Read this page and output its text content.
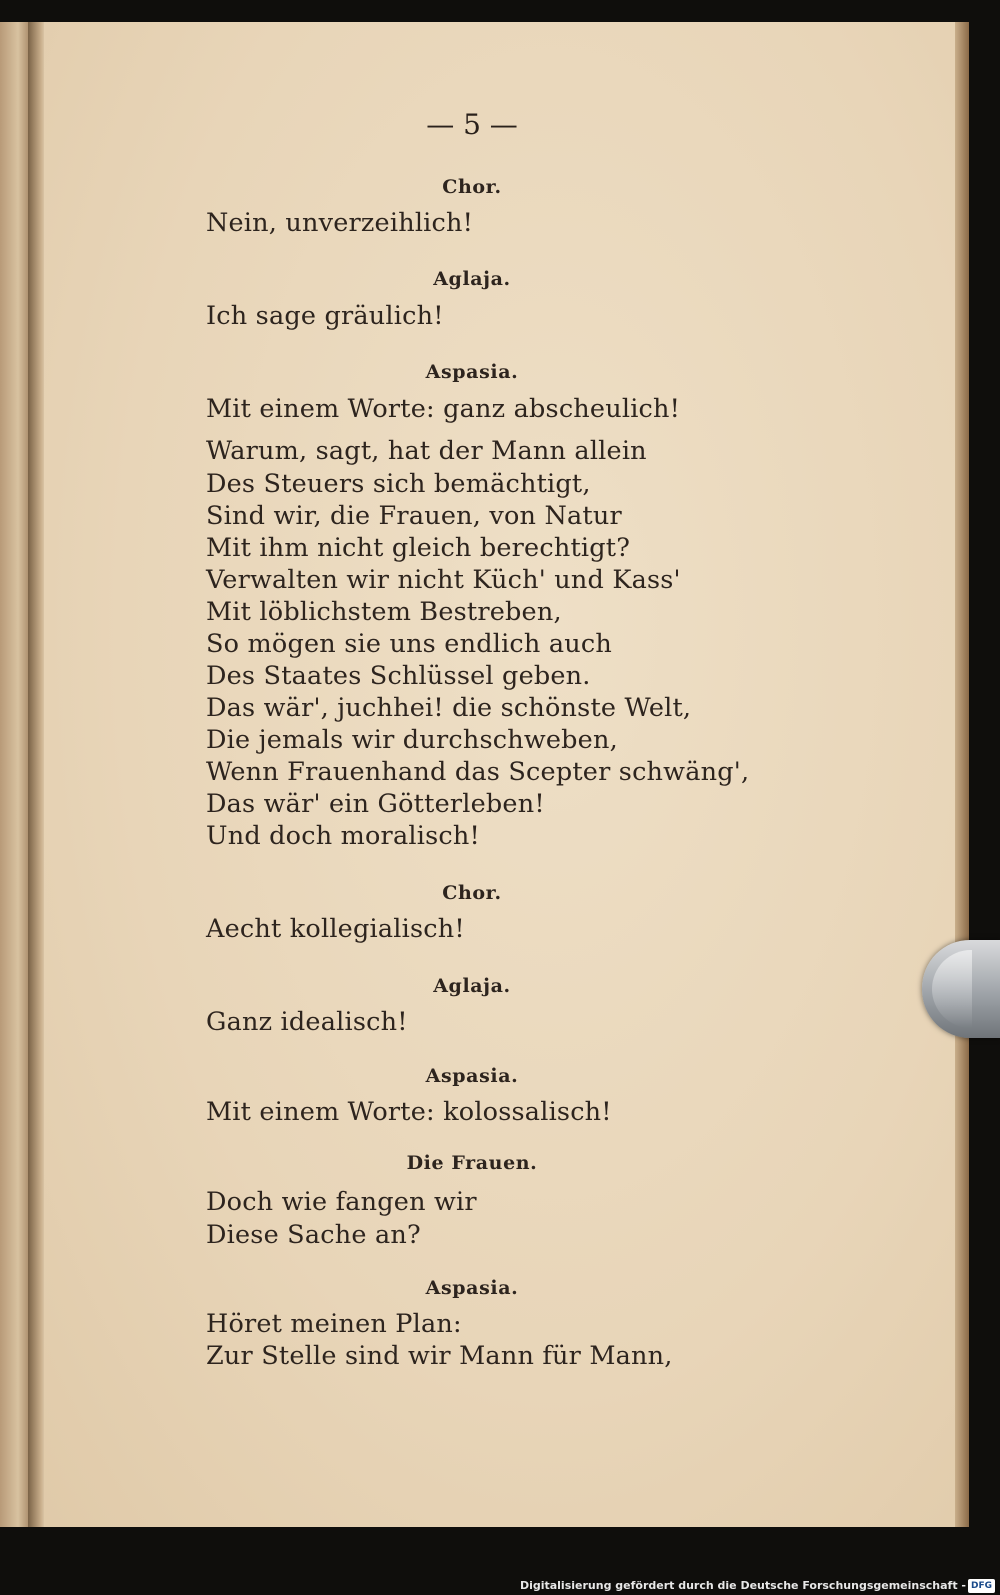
— 5 —
Chor.
Nein, unverzeihlich!
Aglaja.
Ich sage gräulich!
Aspasia.
Mit einem Worte: ganz abscheulich!
Warum, sagt, hat der Mann allein
Des Steuers sich bemächtigt,
Sind wir, die Frauen, von Natur
Mit ihm nicht gleich berechtigt?
Verwalten wir nicht Küch' und Kass'
Mit löblichstem Bestreben,
So mögen sie uns endlich auch
Des Staates Schlüssel geben.
Das wär', juchhei! die schönste Welt,
Die jemals wir durchschweben,
Wenn Frauenhand das Scepter schwäng',
Das wär' ein Götterleben!
Und doch moralisch!
Chor.
Aecht kollegialisch!
Aglaja.
Ganz idealisch!
Aspasia.
Mit einem Worte: kolossalisch!
Die Frauen.
Doch wie fangen wir
Diese Sache an?
Aspasia.
Höret meinen Plan:
Zur Stelle sind wir Mann für Mann,
Digitalisierung gefördert durch die Deutsche Forschungsgemeinschaft - DFG
